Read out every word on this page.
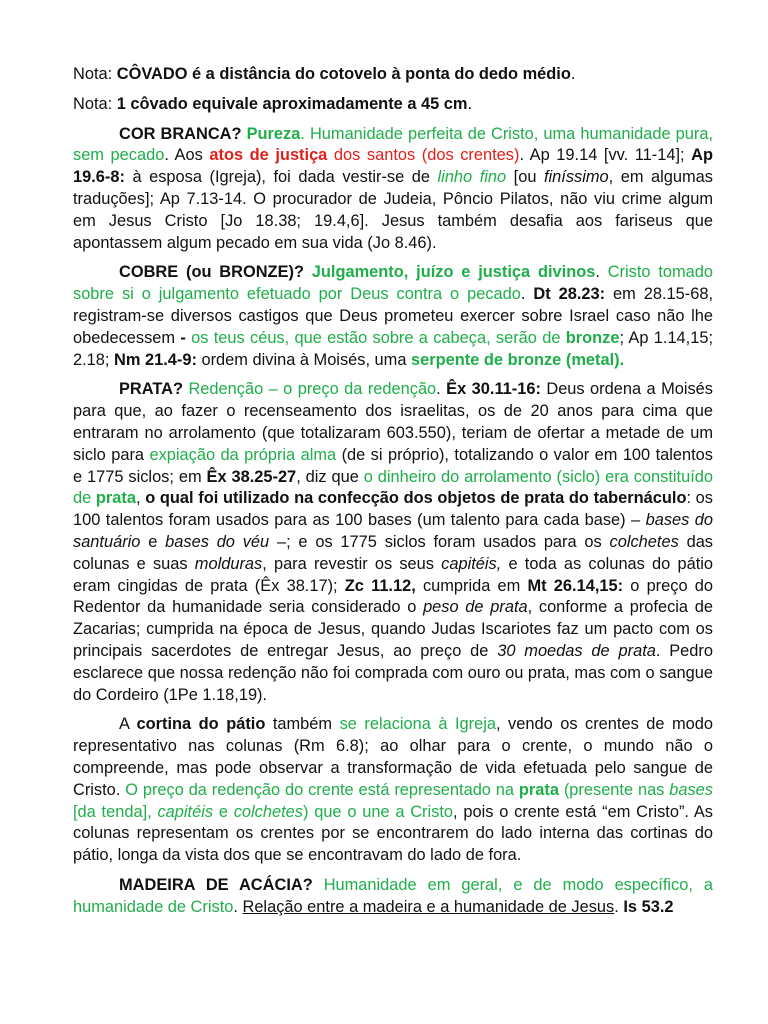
Nota: CÔVADO é a distância do cotovelo à ponta do dedo médio.

Nota: 1 côvado equivale aproximadamente a 45 cm.

COR BRANCA? Pureza. Humanidade perfeita de Cristo, uma humanidade pura, sem pecado. Aos atos de justiça dos santos (dos crentes). Ap 19.14 [vv. 11-14]; Ap 19.6-8: à esposa (Igreja), foi dada vestir-se de linho fino [ou finíssimo, em algumas traduções]; Ap 7.13-14. O procurador de Judeia, Pôncio Pilatos, não viu crime algum em Jesus Cristo [Jo 18.38; 19.4,6]. Jesus também desafia aos fariseus que apontassem algum pecado em sua vida (Jo 8.46).

COBRE (ou BRONZE)? Julgamento, juízo e justiça divinos. Cristo tomado sobre si o julgamento efetuado por Deus contra o pecado. Dt 28.23: em 28.15-68, registram-se diversos castigos que Deus prometeu exercer sobre Israel caso não lhe obedecessem - os teus céus, que estão sobre a cabeça, serão de bronze; Ap 1.14,15; 2.18; Nm 21.4-9: ordem divina à Moisés, uma serpente de bronze (metal).

PRATA? Redenção – o preço da redenção. Êx 30.11-16: Deus ordena a Moisés para que, ao fazer o recenseamento dos israelitas, os de 20 anos para cima que entraram no arrolamento (que totalizaram 603.550), teriam de ofertar a metade de um siclo para expiação da própria alma (de si próprio), totalizando o valor em 100 talentos e 1775 siclos; em Êx 38.25-27, diz que o dinheiro do arrolamento (siclo) era constituído de prata, o qual foi utilizado na confecção dos objetos de prata do tabernáculo: os 100 talentos foram usados para as 100 bases (um talento para cada base) – bases do santuário e bases do véu –; e os 1775 siclos foram usados para os colchetes das colunas e suas molduras, para revestir os seus capitéis, e toda as colunas do pátio eram cingidas de prata (Êx 38.17); Zc 11.12, cumprida em Mt 26.14,15: o preço do Redentor da humanidade seria considerado o peso de prata, conforme a profecia de Zacarias; cumprida na época de Jesus, quando Judas Iscariotes faz um pacto com os principais sacerdotes de entregar Jesus, ao preço de 30 moedas de prata. Pedro esclarece que nossa redenção não foi comprada com ouro ou prata, mas com o sangue do Cordeiro (1Pe 1.18,19).

A cortina do pátio também se relaciona à Igreja, vendo os crentes de modo representativo nas colunas (Rm 6.8); ao olhar para o crente, o mundo não o compreende, mas pode observar a transformação de vida efetuada pelo sangue de Cristo. O preço da redenção do crente está representado na prata (presente nas bases [da tenda], capitéis e colchetes) que o une a Cristo, pois o crente está “em Cristo”. As colunas representam os crentes por se encontrarem do lado interna das cortinas do pátio, longa da vista dos que se encontravam do lado de fora.

MADEIRA DE ACÁCIA? Humanidade em geral, e de modo específico, a humanidade de Cristo. Relação entre a madeira e a humanidade de Jesus. Is 53.2
